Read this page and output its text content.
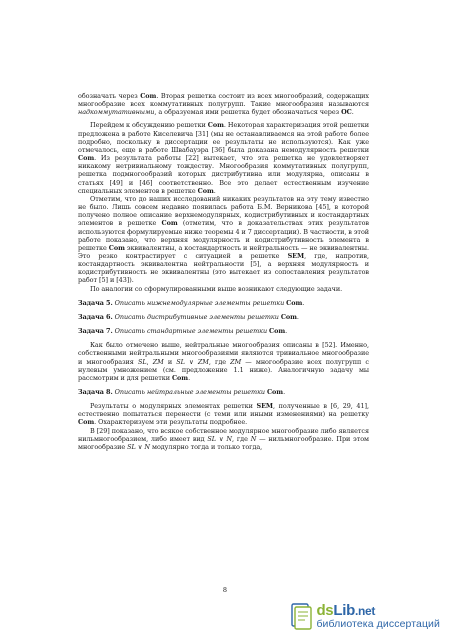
обозначать через Com. Вторая решетка состоит из всех многообразий, содержащих многообразие всех коммутативных полугрупп. Такие многообразия называются надкоммутативными, а образуемая ими решетка будет обозначаться через OC.

Перейдем к обсуждению решетки Com. Некоторая характеризация этой решетки предложена в работе Киселевича [31] (мы не останавливаемся на этой работе более подробно, поскольку в диссертации ее результаты не используются). Как уже отмечалось, еще в работе Швабауэра [36] была доказана немодулярность решетки Com. Из результата работы [22] вытекает, что эта решетка не удовлетворяет никакому нетривиальному тождеству. Многообразия коммутативных полугрупп, решетка подмногообразий которых дистрибутивна или модулярна, описаны в статьях [49] и [46] соответственно. Все это делает естественным изучение специальных элементов в решетке Com.

Отметим, что до наших исследований никаких результатов на эту тему известно не было. Лишь совсем недавно появилась работа Б.М. Верникова [45], в которой получено полное описание верхнемодулярных, кодистрибутивных и костандартных элементов в решетке Com (отметим, что в доказательствах этих результатов используются формулируемые ниже теоремы 4 и 7 диссертации). В частности, в этой работе показано, что верхняя модулярность и кодистрибутивность элемента в решетке Com эквивалентны, а костандартность и нейтральность — не эквивалентны. Это резко контрастирует с ситуацией в решетке SEM, где, напротив, костандартность эквивалентна нейтральности [5], а верхняя модулярность и кодистрибутивность не эквивалентны (это вытекает из сопоставления результатов работ [5] и [43]).

По аналогии со сформулированными выше возникают следующие задачи.

Задача 5. Описать нижнемодулярные элементы решетки Com.

Задача 6. Описать дистрибутивные элементы решетки Com.

Задача 7. Описать стандартные элементы решетки Com.

Как было отмечено выше, нейтральные многообразия описаны в [52]. Именно, собственными нейтральными многообразиями являются тривиальное многообразие и многообразия SL, ZM и SL ∨ ZM, где ZM — многообразие всех полугрупп с нулевым умножением (см. предложение 1.1 ниже). Аналогичную задачу мы рассмотрим и для решетки Com.

Задача 8. Описать нейтральные элементы решетки Com.

Результаты о модулярных элементах решетки SEM, полученные в [6, 29, 41], естественно попытаться перенести (с теми или иными изменениями) на решетку Com. Охарактеризуем эти результаты подробнее.

В [29] показано, что всякое собственное модулярное многообразие либо является нильмногообразием, либо имеет вид SL ∨ N, где N — нильмногообразие. При этом многообразие SL ∨ N модулярно тогда и только тогда,

8
dsLib.net
библиотека диссертаций
